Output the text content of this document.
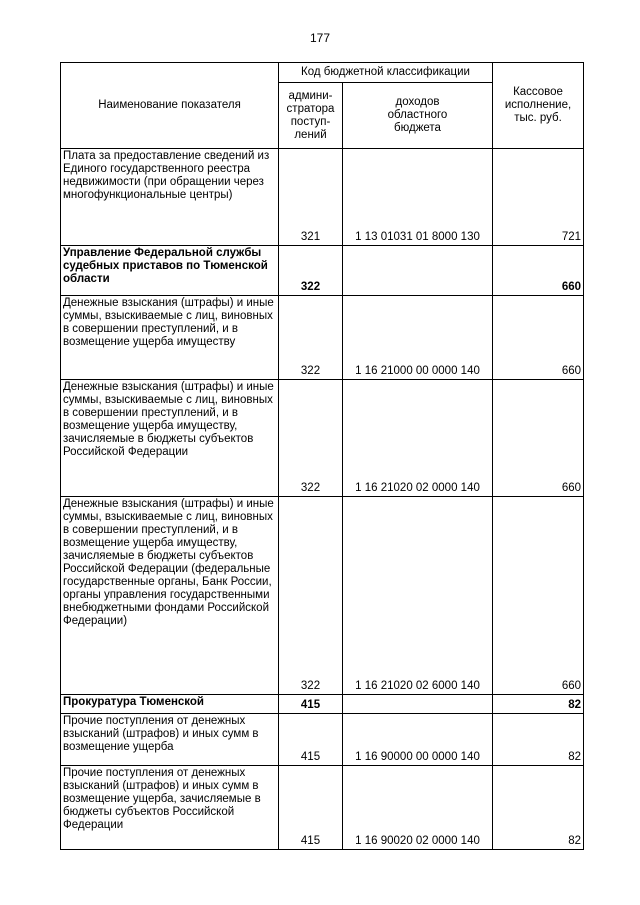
177
Наименование показателя	Код бюджетной классификации		Кассовое
исполнение,
тыс. руб.
	админи-
стратора
поступ-
лений	доходов
областного
бюджета	
Плата за предоставление сведений из Единого государственного реестра недвижимости (при обращении через многофункциональные центры)	321	1 13 01031 01 8000 130	721
Управление Федеральной службы судебных приставов по Тюменской области	322		660
Денежные взыскания (штрафы) и иные суммы, взыскиваемые с лиц, виновных в совершении преступлений, и в возмещение ущерба имуществу	322	1 16 21000 00 0000 140	660
Денежные взыскания (штрафы) и иные суммы, взыскиваемые с лиц, виновных в совершении преступлений, и в возмещение ущерба имуществу, зачисляемые в бюджеты субъектов Российской Федерации	322	1 16 21020 02 0000 140	660
Денежные взыскания (штрафы) и иные суммы, взыскиваемые с лиц, виновных в совершении преступлений, и в возмещение ущерба имуществу, зачисляемые в бюджеты субъектов Российской Федерации (федеральные государственные органы, Банк России, органы управления государственными внебюджетными фондами Российской Федерации)	322	1 16 21020 02 6000 140	660
Прокуратура Тюменской	415		82
Прочие поступления от денежных взысканий (штрафов) и иных сумм в возмещение ущерба	415	1 16 90000 00 0000 140	82
Прочие поступления от денежных взысканий (штрафов) и иных сумм в возмещение ущерба, зачисляемые в бюджеты субъектов Российской Федерации	415	1 16 90020 02 0000 140	82
